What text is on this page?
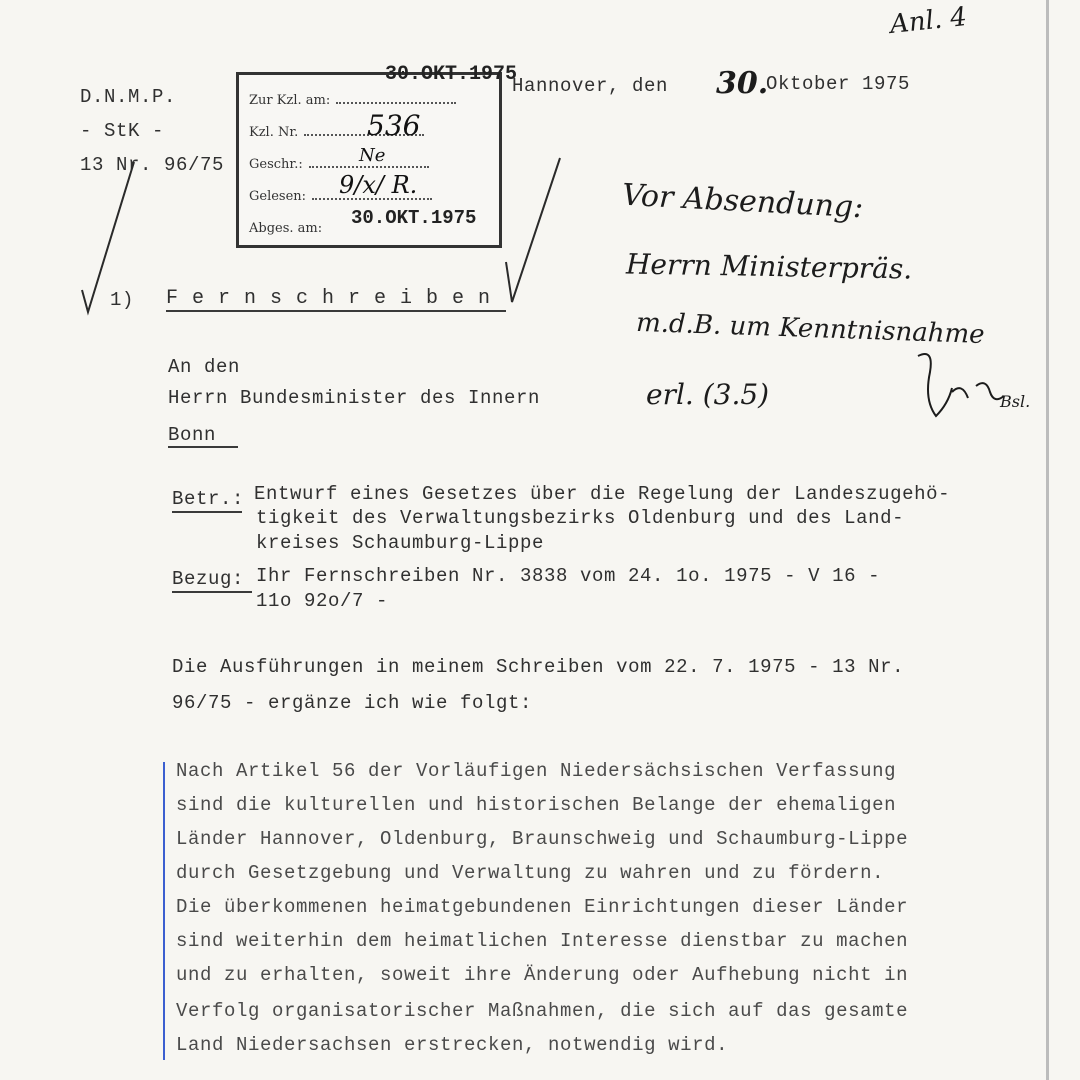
Anl. 4
D.N.M.P.
- StK -
13 Nr. 96/75
Hannover, den 30.
Oktober 1975
30.OKT.1975
Zur Kzl. am:
Kzl. Nr.	536
Geschr.:	Ne
Gelesen:	9/x/ R.
Abges. am: 30.OKT.1975	Vor Absendung:
Herrn Ministerpräs.
m.d.B. um Kenntnisnahme
erl. (3.5)	Bsl.
1) F e r n s c h r e i b e n
An den
Herrn Bundesminister des Innern
Bonn
Betr.: Entwurf eines Gesetzes über die Regelung der Landeszugehö-
tigkeit des Verwaltungsbezirks Oldenburg und des Land-
kreises Schaumburg-Lippe
Bezug: Ihr Fernschreiben Nr. 3838 vom 24. 1o. 1975 - V 16 -
11o 92o/7 -
Die Ausführungen in meinem Schreiben vom 22. 7. 1975 - 13 Nr.
96/75 - ergänze ich wie folgt:
Nach Artikel 56 der Vorläufigen Niedersächsischen Verfassung
sind die kulturellen und historischen Belange der ehemaligen
Länder Hannover, Oldenburg, Braunschweig und Schaumburg-Lippe
durch Gesetzgebung und Verwaltung zu wahren und zu fördern.
Die überkommenen heimatgebundenen Einrichtungen dieser Länder
sind weiterhin dem heimatlichen Interesse dienstbar zu machen
und zu erhalten, soweit ihre Änderung oder Aufhebung nicht in
Verfolg organisatorischer Maßnahmen, die sich auf das gesamte
Land Niedersachsen erstrecken, notwendig wird.
